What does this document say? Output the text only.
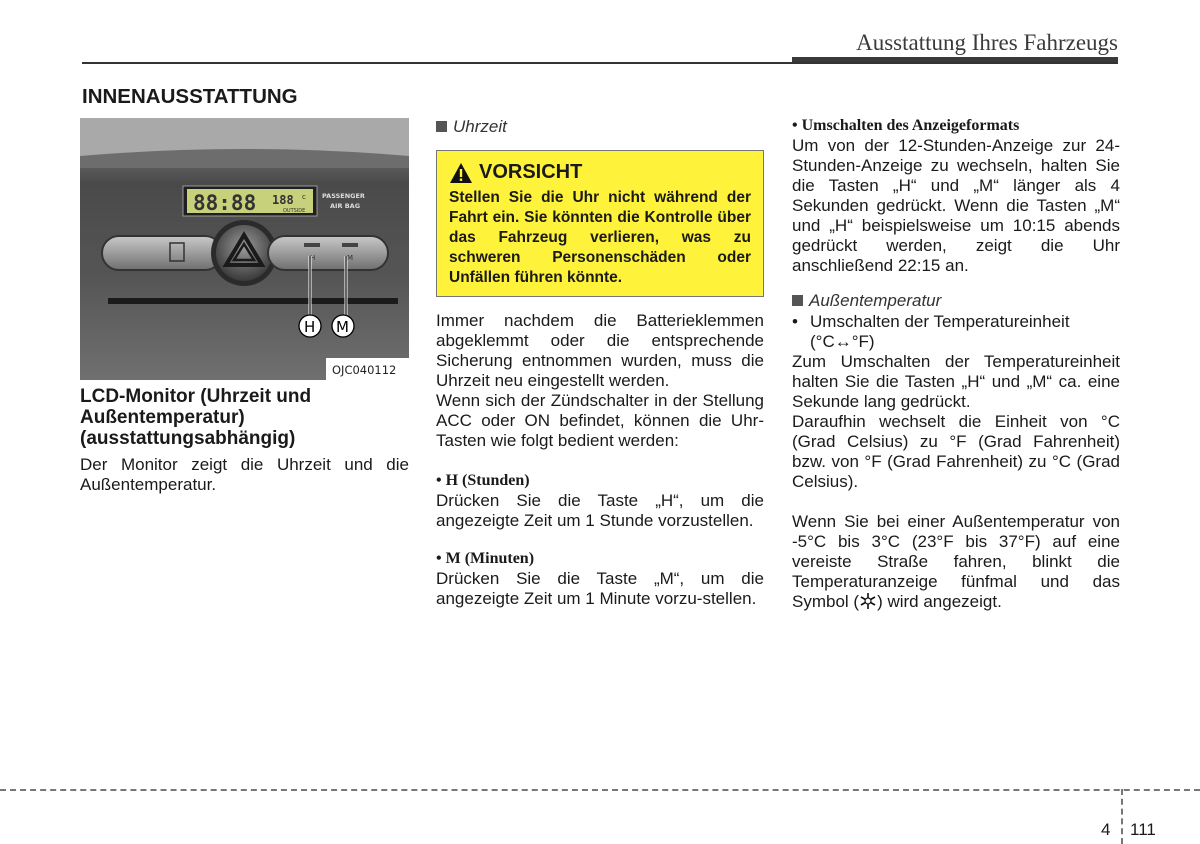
Ausstattung Ihres Fahrzeugs
INNENAUSSTATTUNG
88:88 188 c
OUTSIDE
PASSENGER
AIR BAG
H	M
H M
OJC040112
LCD-Monitor (Uhrzeit und Außentemperatur) (ausstattungsabhängig)

Der Monitor zeigt die Uhrzeit und die Außentemperatur.

Uhrzeit
VORSICHT
Stellen Sie die Uhr nicht während der Fahrt ein. Sie könnten die Kontrolle über das Fahrzeug verlieren, was zu schweren Personenschäden oder Unfällen führen könnte.

Immer nachdem die Batterieklemmen abgeklemmt oder die entsprechende Sicherung entnommen wurden, muss die Uhrzeit neu eingestellt werden.

Wenn sich der Zündschalter in der Stellung ACC oder ON befindet, können die Uhr-Tasten wie folgt bedient werden:

• H (Stunden)

Drücken Sie die Taste „H“, um die angezeigte Zeit um 1 Stunde vorzustellen.

• M (Minuten)

Drücken Sie die Taste „M“, um die angezeigte Zeit um 1 Minute vorzu-stellen.

• Umschalten des Anzeigeformats

Um von der 12-Stunden-Anzeige zur 24-Stunden-Anzeige zu wechseln, halten Sie die Tasten „H“ und „M“ länger als 4 Sekunden gedrückt. Wenn die Tasten „M“ und „H“ beispielsweise um 10:15 abends gedrückt werden, zeigt die Uhr anschließend 22:15 an.

Außentemperatur
• Umschalten der Temperatureinheit (°C↔°F)

Zum Umschalten der Temperatureinheit halten Sie die Tasten „H“ und „M“ ca. eine Sekunde lang gedrückt.

Daraufhin wechselt die Einheit von °C (Grad Celsius) zu °F (Grad Fahrenheit) bzw. von °F (Grad Fahrenheit) zu °C (Grad Celsius).

Wenn Sie bei einer Außentemperatur von -5°C bis 3°C (23°F bis 37°F) auf eine vereiste Straße fahren, blinkt die Temperaturanzeige fünfmal und das Symbol ( ) wird angezeigt.

4 111
